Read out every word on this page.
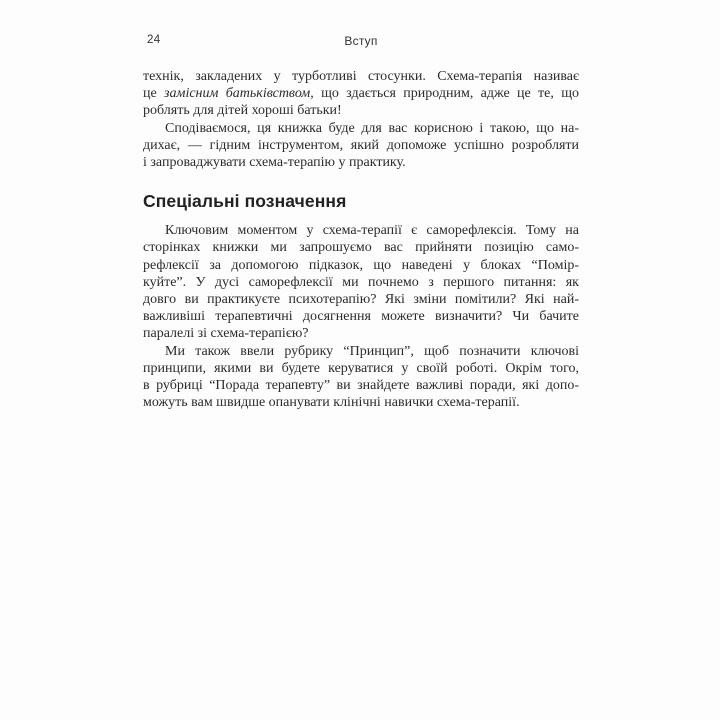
24	Вступ
технік, закладених у турботливі стосунки. Схема-терапія називає
це замісним батьківством, що здається природним, адже це те, що
роблять для дітей хороші батьки!
Сподіваємося, ця книжка буде для вас корисною і такою, що на-
дихає, — гідним інструментом, який допоможе успішно розробляти
і запроваджувати схема-терапію у практику.
Спеціальні позначення
Ключовим моментом у схема-терапії є саморефлексія. Тому на
сторінках книжки ми запрошуємо вас прийняти позицію само-
рефлексії за допомогою підказок, що наведені у блоках “Помір-
куйте”. У дусі саморефлексії ми почнемо з першого питання: як
довго ви практикуєте психотерапію? Які зміни помітили? Які най-
важливіші терапевтичні досягнення можете визначити? Чи бачите
паралелі зі схема-терапією?
Ми також ввели рубрику “Принцип”, щоб позначити ключові
принципи, якими ви будете керуватися у своїй роботі. Окрім того,
в рубриці “Порада терапевту” ви знайдете важливі поради, які допо-
можуть вам швидше опанувати клінічні навички схема-терапії.
